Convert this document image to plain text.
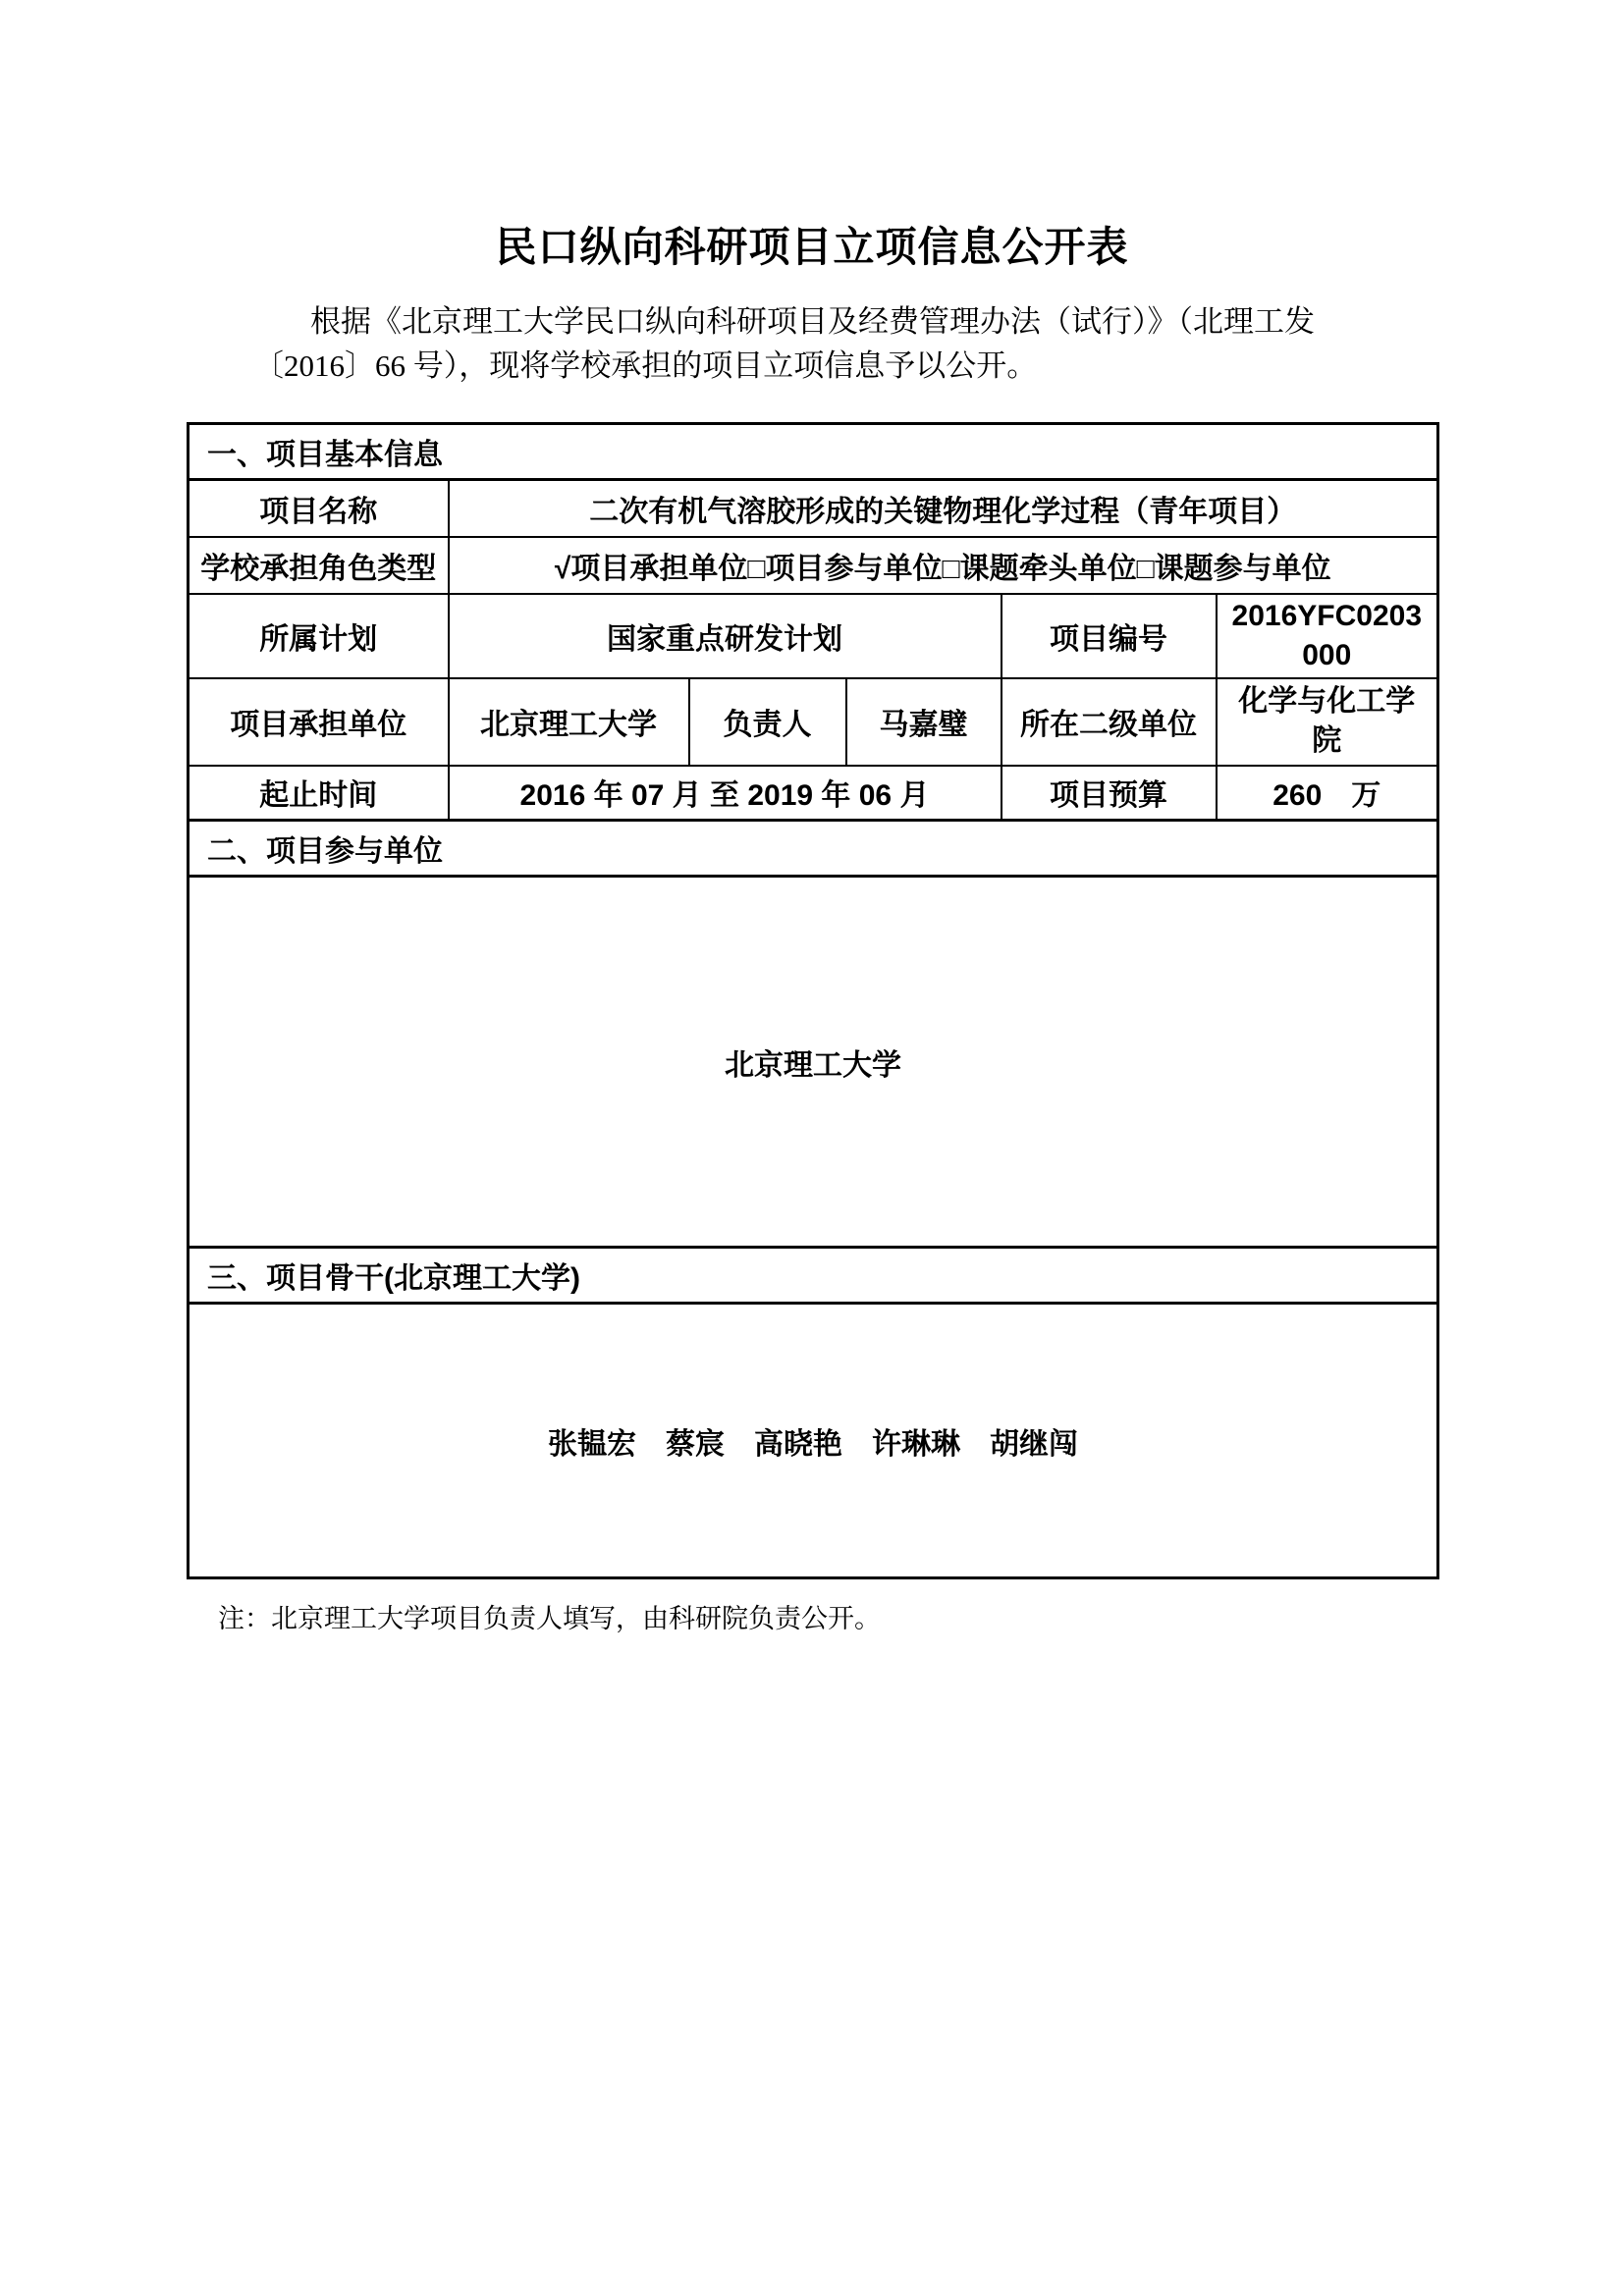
民口纵向科研项目立项信息公开表

根据《北京理工大学民口纵向科研项目及经费管理办法（试行）》（北理工发〔2016〕66 号），现将学校承担的项目立项信息予以公开。

一、项目基本信息					
项目名称	二次有机气溶胶形成的关键物理化学过程（青年项目）				
学校承担角色类型	√项目承担单位□项目参与单位□课题牵头单位□课题参与单位				
所属计划	国家重点研发计划			项目编号	2016YFC0203000
项目承担单位	北京理工大学	负责人	马嘉璧	所在二级单位	化学与化工学院
起止时间	2016 年 07 月 至 2019 年 06 月			项目预算	260　万
二、项目参与单位					
北京理工大学					
三、项目骨干(北京理工大学)					
张韫宏　蔡宸　高晓艳　许琳琳　胡继闯					

注：北京理工大学项目负责人填写，由科研院负责公开。
